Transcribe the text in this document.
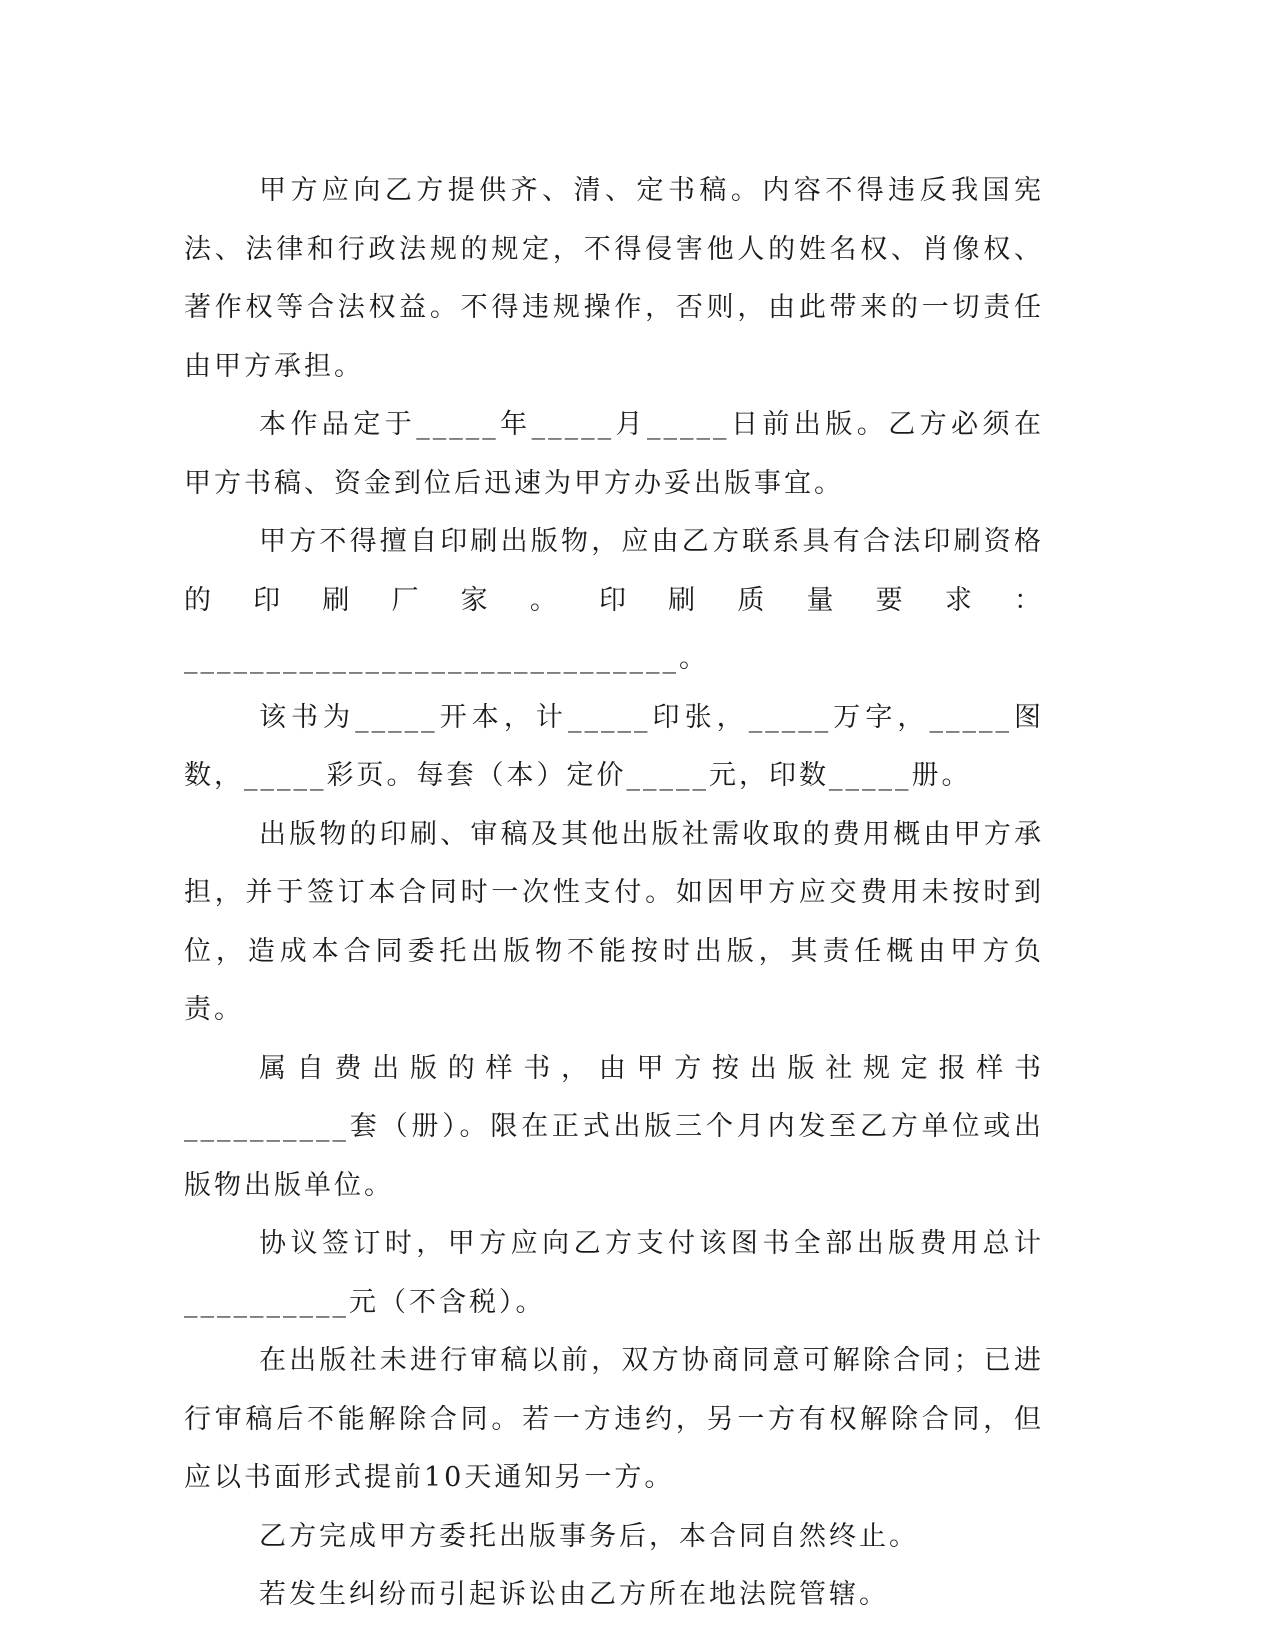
甲方应向乙方提供齐、清、定书稿。内容不得违反我国宪法、法律和行政法规的规定，不得侵害他人的姓名权、肖像权、著作权等合法权益。不得违规操作，否则，由此带来的一切责任由甲方承担。

本作品定于_____年_____月_____日前出版。乙方必须在甲方书稿、资金到位后迅速为甲方办妥出版事宜。

甲方不得擅自印刷出版物，应由乙方联系具有合法印刷资格的印刷厂家。印刷质量要求：______________________________。

该书为_____开本，计_____印张，_____万字，_____图数，_____彩页。每套（本）定价_____元，印数_____册。

出版物的印刷、审稿及其他出版社需收取的费用概由甲方承担，并于签订本合同时一次性支付。如因甲方应交费用未按时到位，造成本合同委托出版物不能按时出版，其责任概由甲方负责。

属自费出版的样书，由甲方按出版社规定报样书__________套（册）。限在正式出版三个月内发至乙方单位或出版物出版单位。

协议签订时，甲方应向乙方支付该图书全部出版费用总计__________元（不含税）。

在出版社未进行审稿以前，双方协商同意可解除合同；已进行审稿后不能解除合同。若一方违约，另一方有权解除合同，但应以书面形式提前10天通知另一方。

乙方完成甲方委托出版事务后，本合同自然终止。

若发生纠纷而引起诉讼由乙方所在地法院管辖。
